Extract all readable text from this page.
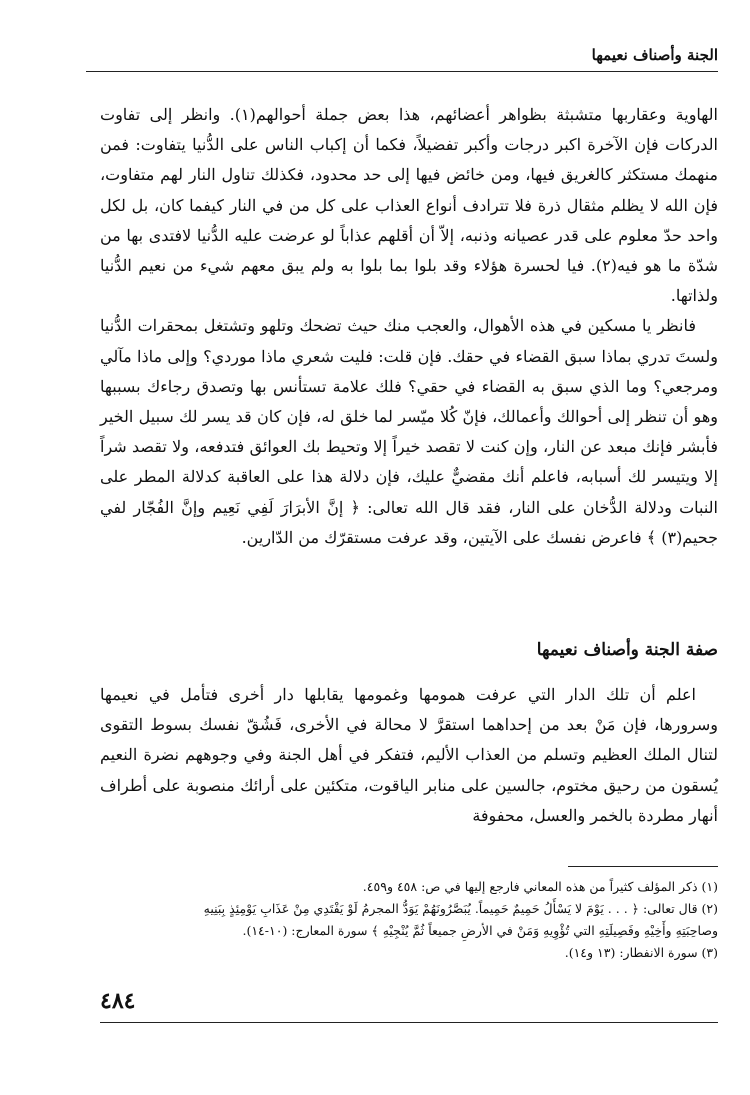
الجنة وأصناف نعيمها

الهاوية وعقاربها متشبثة بظواهر أعضائهم، هذا بعض جملة أحوالهم(١). وانظر إلى تفاوت الدركات فإن الآخرة اكبر درجات وأكبر تفضيلاً، فكما أن إكباب الناس على الدُّنيا يتفاوت: فمن منهمك مستكثر كالغريق فيها، ومن خائض فيها إلى حد محدود، فكذلك تناول النار لهم متفاوت، فإن الله لا يظلم مثقال ذرة فلا تترادف أنواع العذاب على كل من في النار كيفما كان، بل لكل واحد حدّ معلوم على قدر عصيانه وذنبه، إلاّ أن أقلهم عذاباً لو عرضت عليه الدُّنيا لافتدى بها من شدّة ما هو فيه(٢). فيا لحسرة هؤلاء وقد بلوا بما بلوا به ولم يبق معهم شيء من نعيم الدُّنيا ولذاتها.

فانظر يا مسكين في هذه الأهوال، والعجب منك حيث تضحك وتلهو وتشتغل بمحقرات الدُّنيا ولستَ تدري بماذا سبق القضاء في حقك. فإن قلت: فليت شعري ماذا موردي؟ وإلى ماذا مآلي ومرجعي؟ وما الذي سبق به القضاء في حقي؟ فلك علامة تستأنس بها وتصدق رجاءك بسببها وهو أن تنظر إلى أحوالك وأعمالك، فإنّ كُلا ميّسر لما خلق له، فإن كان قد يسر لك سبيل الخير فأبشر فإنك مبعد عن النار، وإن كنت لا تقصد خيراً إلا وتحيط بك العوائق فتدفعه، ولا تقصد شراً إلا ويتيسر لك أسبابه، فاعلم أنك مقضيٌّ عليك، فإن دلالة هذا على العاقبة كدلالة المطر على النبات ودلالة الدُّخان على النار، فقد قال الله تعالى: ﴿ إنَّ الأبرَارَ لَفِي نَعِيم وإنَّ الفُجّار لفي جحيم(٣) ﴾ فاعرض نفسك على الآيتين، وقد عرفت مستقرّك من الدّارين.

صفة الجنة وأصناف نعيمها

اعلم أن تلك الدار التي عرفت همومها وغمومها يقابلها دار أخرى فتأمل في نعيمها وسرورها، فإن مَنْ بعد من إحداهما استقرَّ لا محالة في الأخرى، فَشُقّ نفسك بسوط التقوى لتنال الملك العظيم وتسلم من العذاب الأليم، فتفكر في أهل الجنة وفي وجوههم نضرة النعيم يُسقون من رحيق مختوم، جالسين على منابر الياقوت، متكئين على أرائك منصوبة على أطراف أنهار مطردة بالخمر والعسل، محفوفة

(١) ذكر المؤلف كثيراً من هذه المعاني فارجع إليها في ص: ٤٥٨ و٤٥٩.
(٢) قال تعالى: ﴿ . . . يَوْمَ لا يَسْأَلُ حَمِيمٌ حَمِيماً. يُبَصَّرُونَهُمْ يَوَدُّ المجرمُ لَوْ يَفْتَدِي مِنْ عَذَابِ يَوْمِئِذٍ بِبَنِيهِ
وصاحِبَتِهِ وأَخِيْهِ وفَصِيلَتِهِ التي تُؤْوِيهِ وَمَنْ في الأرضِ جميعاً ثُمَّ يُنْجِيْهِ ﴾ سورة المعارج: (١٠-١٤).
(٣) سورة الانفطار: (١٣ و١٤).
٤٨٤
